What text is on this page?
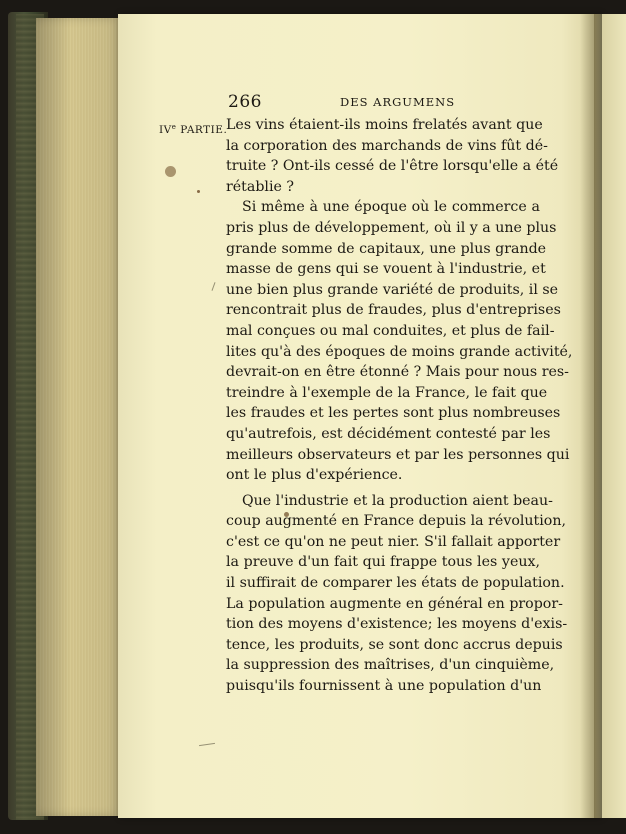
266	DES ARGUMENS
IVe PARTIE.
Les vins étaient-ils moins frelatés avant que
la corporation des marchands de vins fût dé-
truite ? Ont-ils cessé de l'être lorsqu'elle a été
rétablie ?
Si même à une époque où le commerce a
pris plus de développement, où il y a une plus
grande somme de capitaux, une plus grande
masse de gens qui se vouent à l'industrie, et
une bien plus grande variété de produits, il se
rencontrait plus de fraudes, plus d'entreprises
mal conçues ou mal conduites, et plus de fail-
lites qu'à des époques de moins grande activité,
devrait-on en être étonné ? Mais pour nous res-
treindre à l'exemple de la France, le fait que
les fraudes et les pertes sont plus nombreuses
qu'autrefois, est décidément contesté par les
meilleurs observateurs et par les personnes qui
ont le plus d'expérience.
Que l'industrie et la production aient beau-
coup augmenté en France depuis la révolution,
c'est ce qu'on ne peut nier. S'il fallait apporter
la preuve d'un fait qui frappe tous les yeux,
il suffirait de comparer les états de population.
La population augmente en général en propor-
tion des moyens d'existence; les moyens d'exis-
tence, les produits, se sont donc accrus depuis
la suppression des maîtrises, d'un cinquième,
puisqu'ils fournissent à une population d'un
